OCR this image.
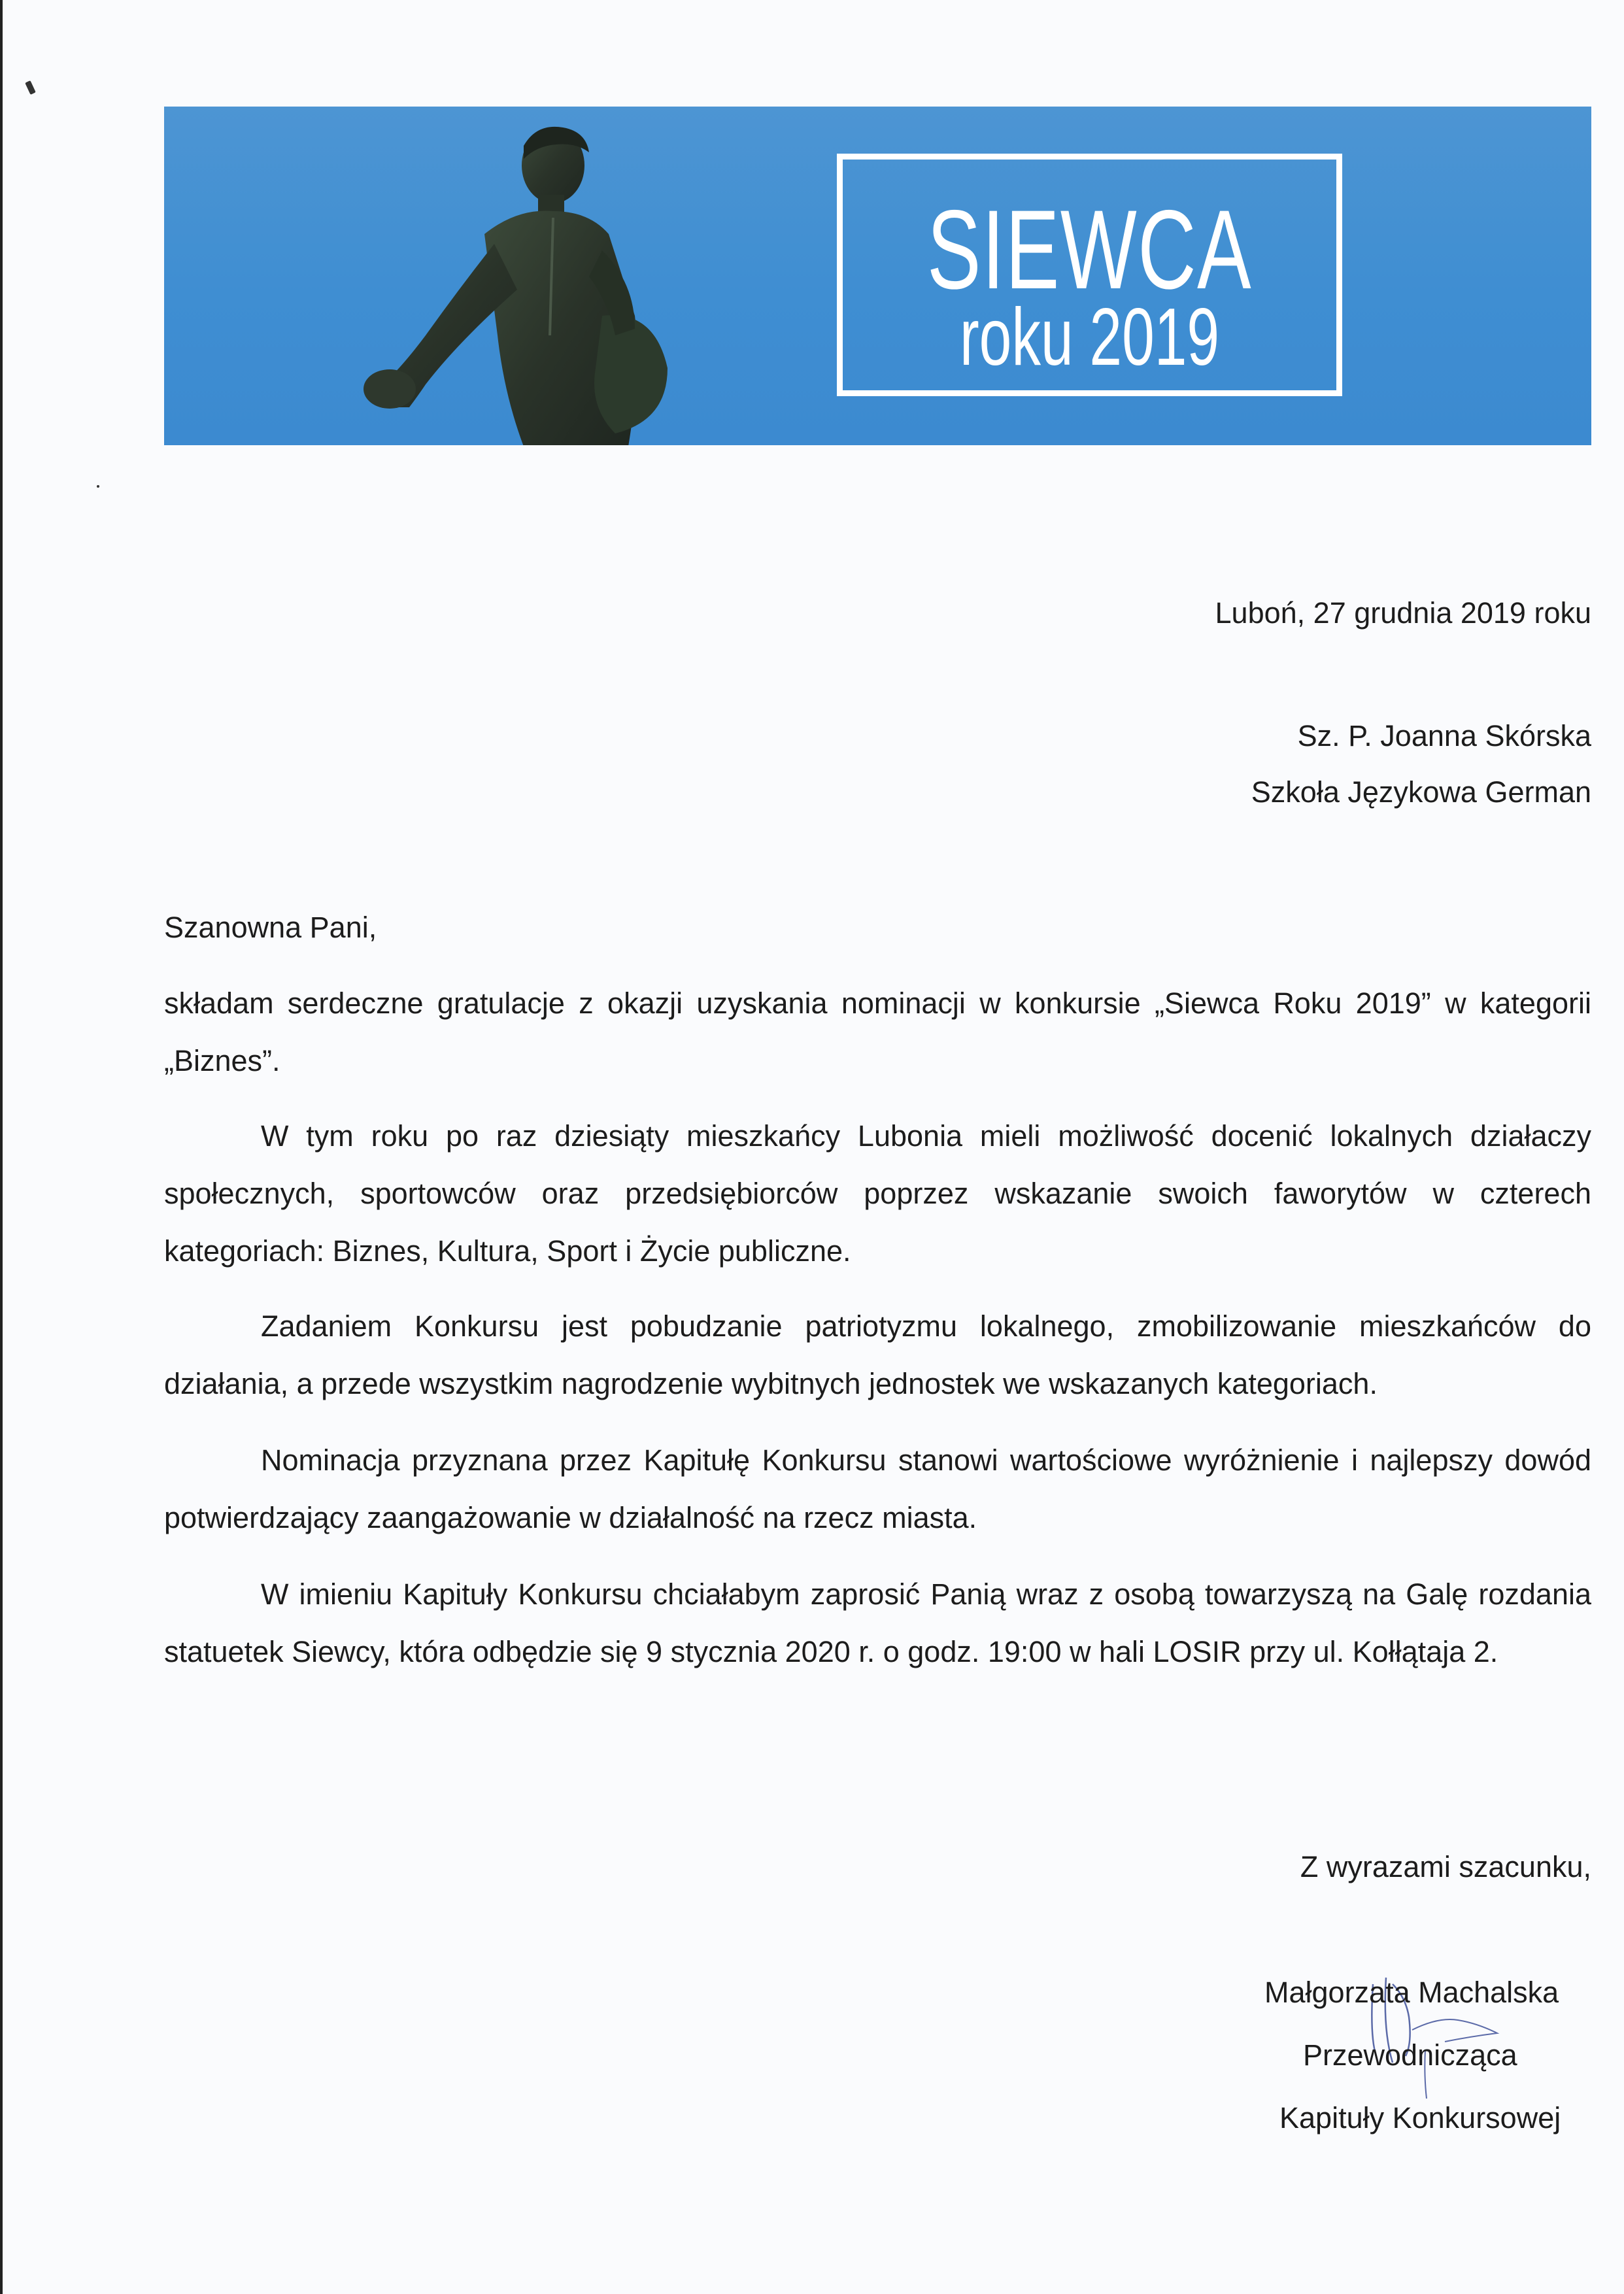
SIEWCA
roku 2019
Luboń, 27 grudnia 2019 roku
Sz. P. Joanna Skórska
Szkoła Językowa German
Szanowna Pani,
składam serdeczne gratulacje z okazji uzyskania nominacji w konkursie „Siewca Roku 2019” w kategorii „Biznes”.
W tym roku po raz dziesiąty mieszkańcy Lubonia mieli możliwość docenić lokalnych działaczy społecznych, sportowców oraz przedsiębiorców poprzez wskazanie swoich faworytów w czterech kategoriach: Biznes, Kultura, Sport i Życie publiczne.
Zadaniem Konkursu jest pobudzanie patriotyzmu lokalnego, zmobilizowanie mieszkańców do działania, a przede wszystkim nagrodzenie wybitnych jednostek we wskazanych kategoriach.
Nominacja przyznana przez Kapitułę Konkursu stanowi wartościowe wyróżnienie i najlepszy dowód potwierdzający zaangażowanie w działalność na rzecz miasta.
W imieniu Kapituły Konkursu chciałabym zaprosić Panią wraz z osobą towarzyszą na Galę rozdania statuetek Siewcy, która odbędzie się 9 stycznia 2020 r. o godz. 19:00 w hali LOSIR przy ul. Kołłątaja 2.
Z wyrazami szacunku,
Małgorzata Machalska
Przewodnicząca
Kapituły Konkursowej
